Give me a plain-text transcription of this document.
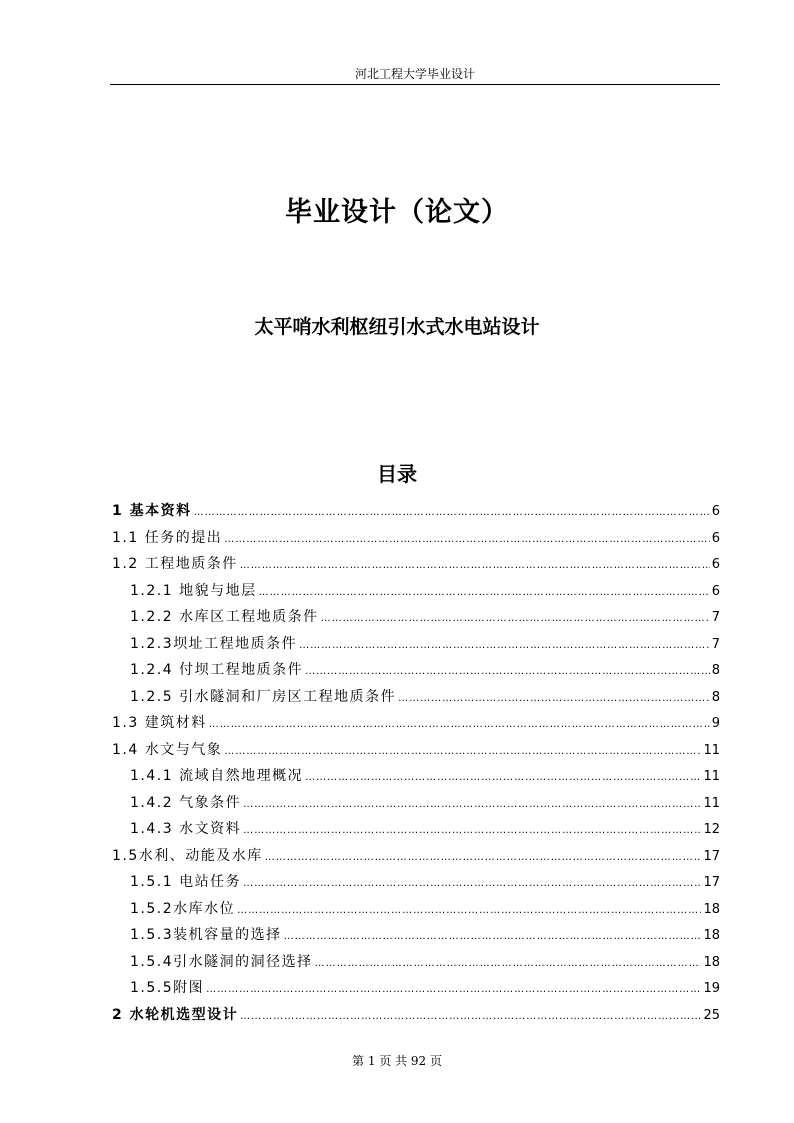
河北工程大学毕业设计
毕业设计（论文）
太平哨水利枢纽引水式水电站设计
目录
1 基本资料 ……………………………………………………………………………………………………………………………………………………………………………………	6
1.1 任务的提出 ……………………………………………………………………………………………………………………………………………………………………………………	6
1.2 工程地质条件 ……………………………………………………………………………………………………………………………………………………………………………………	6
1.2.1 地貌与地层 ……………………………………………………………………………………………………………………………………………………………………………………	6
1.2.2 水库区工程地质条件 ……………………………………………………………………………………………………………………………………………………………………………………	7
1.2.3坝址工程地质条件 ……………………………………………………………………………………………………………………………………………………………………………………	7
1.2.4 付坝工程地质条件 ……………………………………………………………………………………………………………………………………………………………………………………	8
1.2.5 引水隧洞和厂房区工程地质条件 ……………………………………………………………………………………………………………………………………………………………………………………	8
1.3 建筑材料 ……………………………………………………………………………………………………………………………………………………………………………………	9
1.4 水文与气象 ……………………………………………………………………………………………………………………………………………………………………………………	11
1.4.1 流域自然地理概况 ……………………………………………………………………………………………………………………………………………………………………………………	11
1.4.2 气象条件 ……………………………………………………………………………………………………………………………………………………………………………………	11
1.4.3 水文资料 ……………………………………………………………………………………………………………………………………………………………………………………	12
1.5水利、动能及水库 ……………………………………………………………………………………………………………………………………………………………………………………	17
1.5.1 电站任务 ……………………………………………………………………………………………………………………………………………………………………………………	17
1.5.2水库水位 ……………………………………………………………………………………………………………………………………………………………………………………	18
1.5.3装机容量的选择 ……………………………………………………………………………………………………………………………………………………………………………………	18
1.5.4引水隧洞的洞径选择 ……………………………………………………………………………………………………………………………………………………………………………………	18
1.5.5附图 ……………………………………………………………………………………………………………………………………………………………………………………	19
2 水轮机选型设计 ……………………………………………………………………………………………………………………………………………………………………………………	25
第 1 页 共 92 页
